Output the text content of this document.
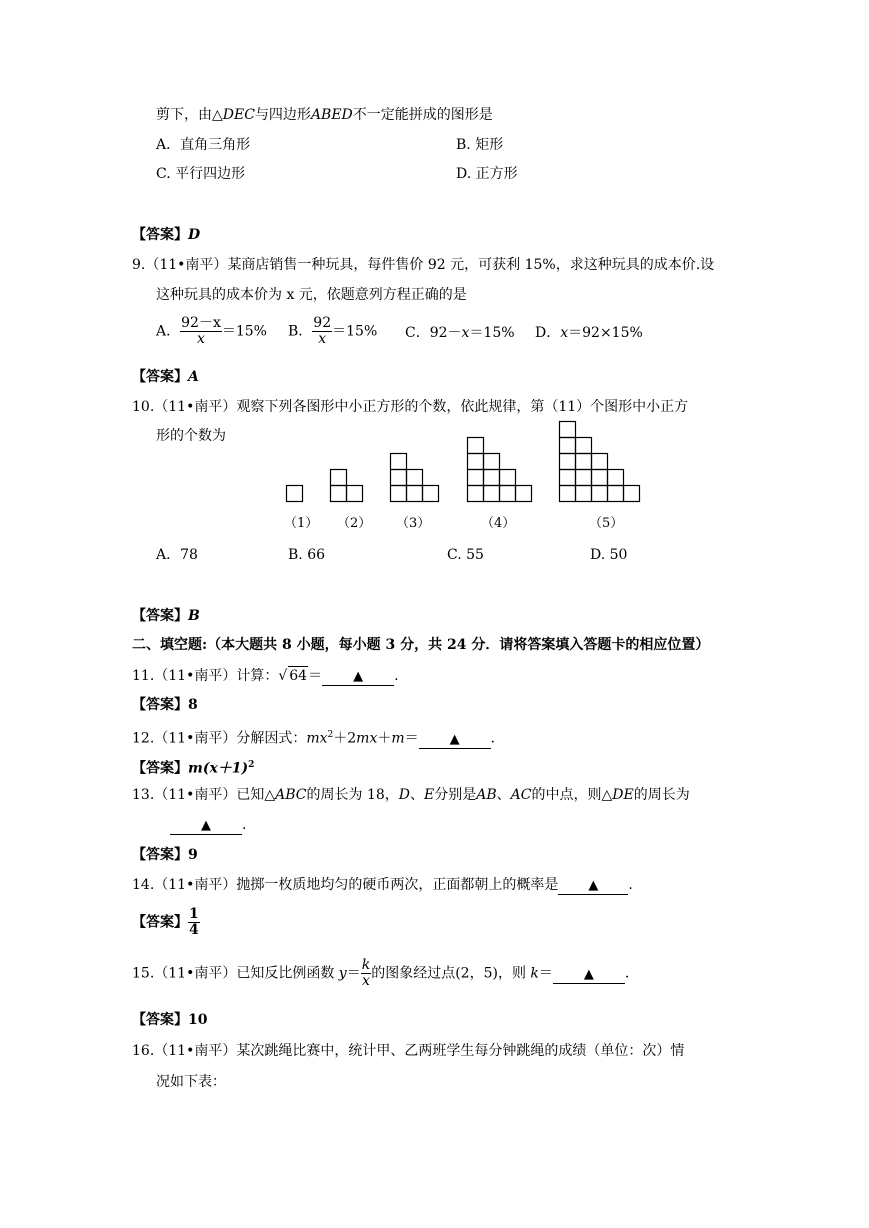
剪下，由△DEC与四边形ABED不一定能拼成的图形是
A．直角三角形	B. 矩形
C. 平行四边形	D. 正方形
【答案】D
9.（11•南平）某商店销售一种玩具，每件售价 92 元，可获利 15%，求这种玩具的成本价.设
这种玩具的成本价为 x 元，依题意列方程正确的是
A． $\frac{92-x}{x} =15\%$ B． $\frac{92}{x} =15\%$ C．92－x＝15% D．x＝92×15%
【答案】A
10.（11•南平）观察下列各图形中小正方形的个数，依此规律，第（11）个图形中小正方
形的个数为
（1） （2） （3）	（4）	（5）
A．78	B. 66	C. 55	D. 50
【答案】B
二、填空题:（本大题共 8 小题，每小题 3 分，共 24 分．请将答案填入答题卡的相应位置）
11.（11•南平）计算：√ 64＝ ▲ .
【答案】8
12.（11•南平）分解因式：$mx^2+2mx+m=$ ▲ .
【答案】$m(x+1)^2$
13.（11•南平）已知△ABC的周长为 18，D、E分别是AB、AC的中点，则△DE的周长为
▲ .
【答案】9
14.（11•南平）抛掷一枚质地均匀的硬币两次，正面都朝上的概率是 ▲ .
【答案】 $\frac{1}{4}$
15.（11•南平）已知反比例函数 $y= \frac{k}{x}$ 的图象经过点(2，5)，则 k＝ ▲ .
【答案】10
16.（11•南平）某次跳绳比赛中，统计甲、乙两班学生每分钟跳绳的成绩（单位：次）情
况如下表：
